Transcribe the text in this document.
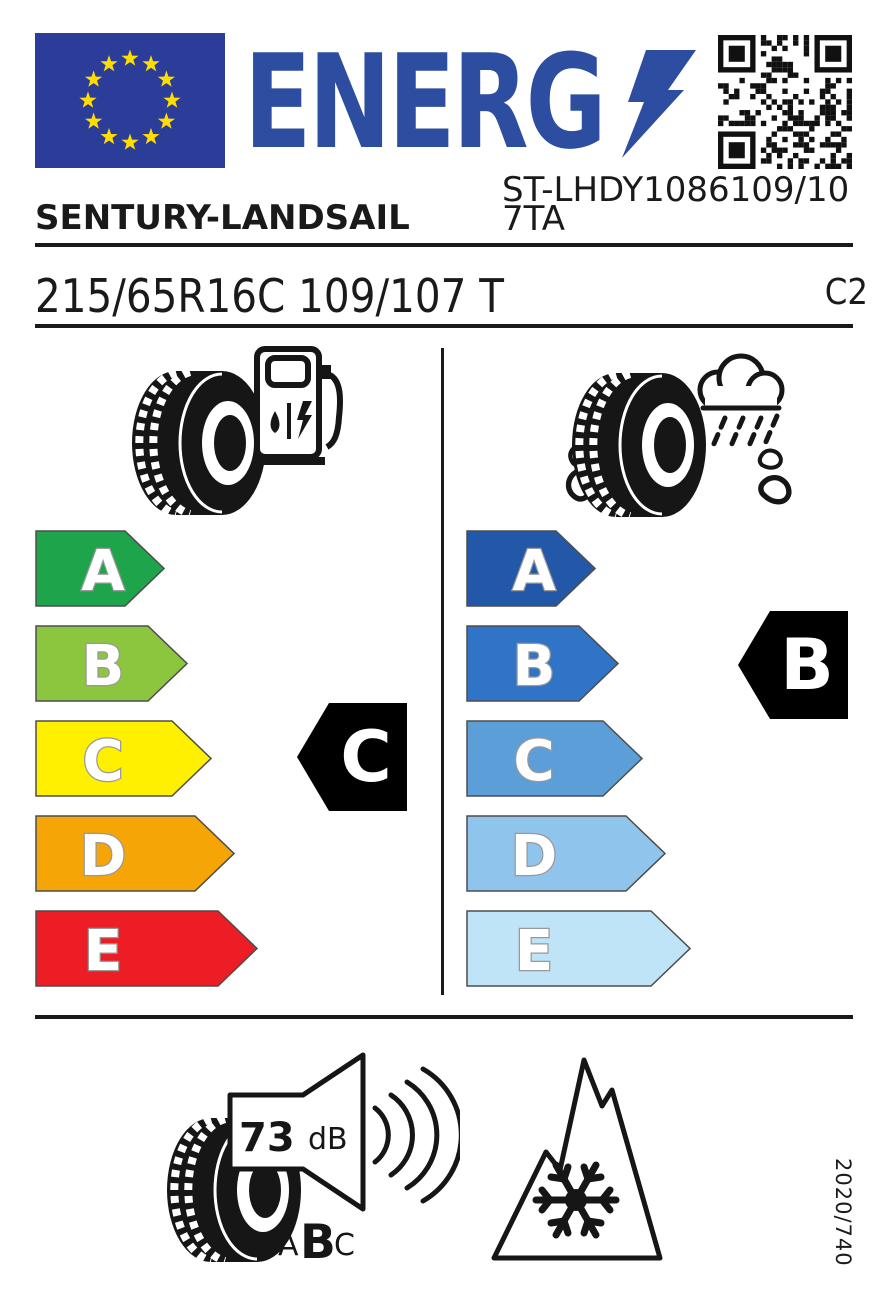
ENERG
ST-LHDY1086109/107TA
SENTURY-LANDSAIL
215/65R16C 109/107 T	C2
A
B
C
D
E
C
A
B
C
D
E
B
73 dB
A B
C	2020/740
